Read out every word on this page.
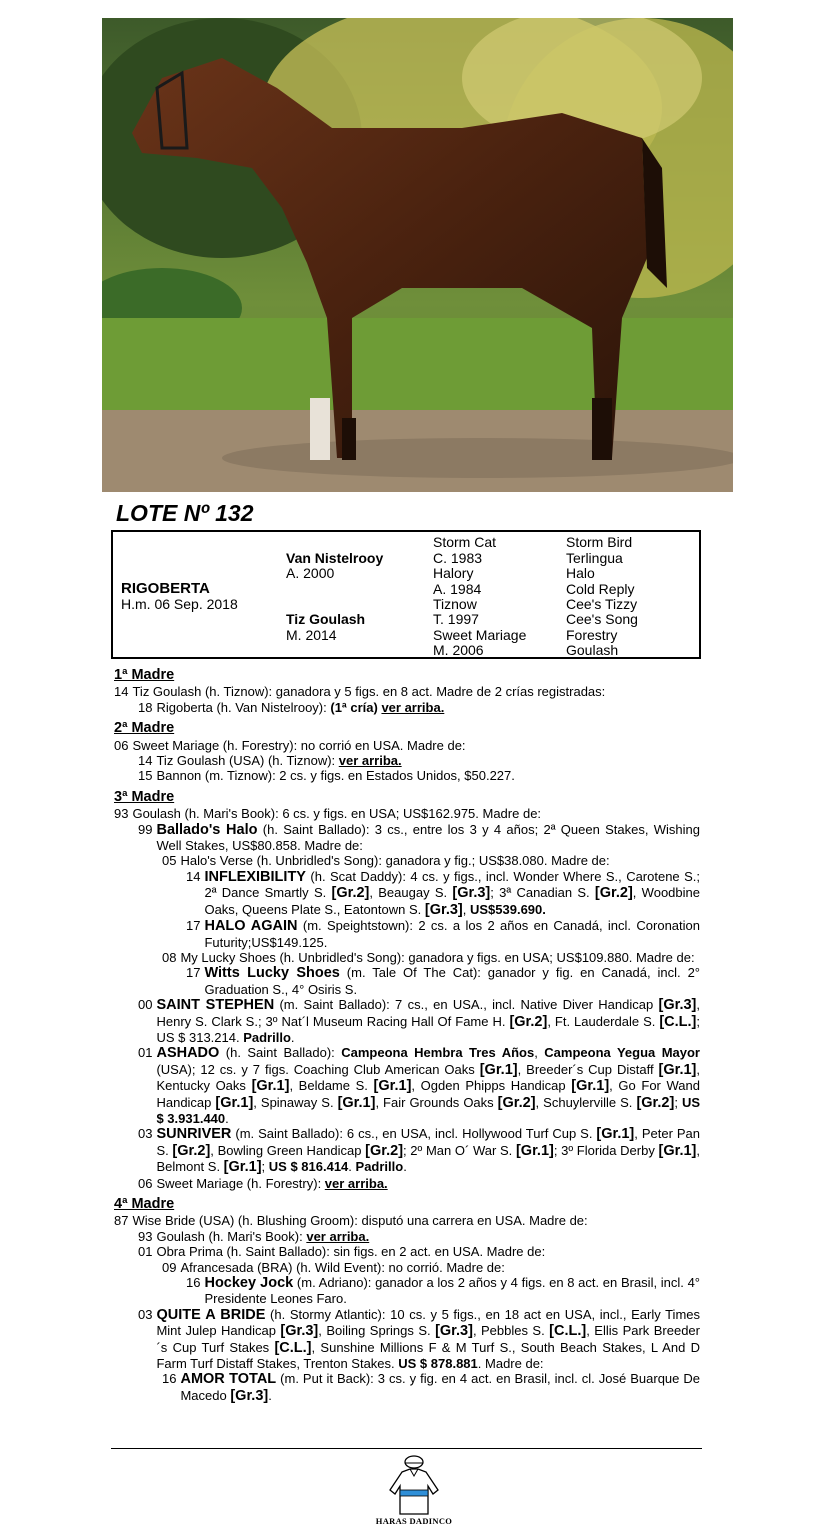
LOTE Nº 132
RIGOBERTA
H.m. 06 Sep. 2018
Van Nistelrooy
A. 2000
Tiz Goulash
M. 2014
Storm Cat
C. 1983
Halory
A. 1984
Tiznow
T. 1997
Sweet Mariage
M. 2006
Storm Bird
Terlingua
Halo
Cold Reply
Cee's Tizzy
Cee's Song
Forestry
Goulash
1ª Madre
14 Tiz Goulash (h. Tiznow): ganadora y 5 figs. en 8 act. Madre de 2 crías registradas:
18 Rigoberta (h. Van Nistelrooy): (1ª cría) ver arriba.
2ª Madre
06 Sweet Mariage (h. Forestry): no corrió en USA. Madre de:
14 Tiz Goulash (USA) (h. Tiznow): ver arriba.
15 Bannon (m. Tiznow): 2 cs. y figs. en Estados Unidos, $50.227.
3ª Madre
93 Goulash (h. Mari's Book): 6 cs. y figs. en USA; US$162.975. Madre de:
99 Ballado's Halo (h. Saint Ballado): 3 cs., entre los 3 y 4 años; 2ª Queen Stakes, Wishing Well Stakes, US$80.858. Madre de:
05 Halo's Verse (h. Unbridled's Song): ganadora y fig.; US$38.080. Madre de:
14 INFLEXIBILITY (h. Scat Daddy): 4 cs. y figs., incl. Wonder Where S., Carotene S.; 2ª Dance Smartly S. [Gr.2], Beaugay S. [Gr.3]; 3ª Canadian S. [Gr.2], Woodbine Oaks, Queens Plate S., Eatontown S. [Gr.3], US$539.690.
17 HALO AGAIN (m. Speightstown): 2 cs. a los 2 años en Canadá, incl. Coronation Futurity;US$149.125.
08 My Lucky Shoes (h. Unbridled's Song): ganadora y figs. en USA; US$109.880. Madre de:
17 Witts Lucky Shoes (m. Tale Of The Cat): ganador y fig. en Canadá, incl. 2° Graduation S., 4° Osiris S.
00 SAINT STEPHEN (m. Saint Ballado): 7 cs., en USA., incl. Native Diver Handicap [Gr.3], Henry S. Clark S.; 3º Nat´l Museum Racing Hall Of Fame H. [Gr.2], Ft. Lauderdale S. [C.L.]; US $ 313.214. Padrillo.
01 ASHADO (h. Saint Ballado): Campeona Hembra Tres Años, Campeona Yegua Mayor (USA); 12 cs. y 7 figs. Coaching Club American Oaks [Gr.1], Breeder´s Cup Distaff [Gr.1], Kentucky Oaks [Gr.1], Beldame S. [Gr.1], Ogden Phipps Handicap [Gr.1], Go For Wand Handicap [Gr.1], Spinaway S. [Gr.1], Fair Grounds Oaks [Gr.2], Schuylerville S. [Gr.2]; US $ 3.931.440.
03 SUNRIVER (m. Saint Ballado): 6 cs., en USA, incl. Hollywood Turf Cup S. [Gr.1], Peter Pan S. [Gr.2], Bowling Green Handicap [Gr.2]; 2º Man O´ War S. [Gr.1]; 3º Florida Derby [Gr.1], Belmont S. [Gr.1]; US $ 816.414. Padrillo.
06 Sweet Mariage (h. Forestry): ver arriba.
4ª Madre
87 Wise Bride (USA) (h. Blushing Groom): disputó una carrera en USA. Madre de:
93 Goulash (h. Mari's Book): ver arriba.
01 Obra Prima (h. Saint Ballado): sin figs. en 2 act. en USA. Madre de:
09 Afrancesada (BRA) (h. Wild Event): no corrió. Madre de:
16 Hockey Jock (m. Adriano): ganador a los 2 años y 4 figs. en 8 act. en Brasil, incl. 4° Presidente Leones Faro.
03 QUITE A BRIDE (h. Stormy Atlantic): 10 cs. y 5 figs., en 18 act en USA, incl., Early Times Mint Julep Handicap [Gr.3], Boiling Springs S. [Gr.3], Pebbles S. [C.L.], Ellis Park Breeder ´s Cup Turf Stakes [C.L.], Sunshine Millions F & M Turf S., South Beach Stakes, L And D Farm Turf Distaff Stakes, Trenton Stakes. US $ 878.881. Madre de:
16 AMOR TOTAL (m. Put it Back): 3 cs. y fig. en 4 act. en Brasil, incl. cl. José Buarque De Macedo [Gr.3].
HARAS DADINCO
